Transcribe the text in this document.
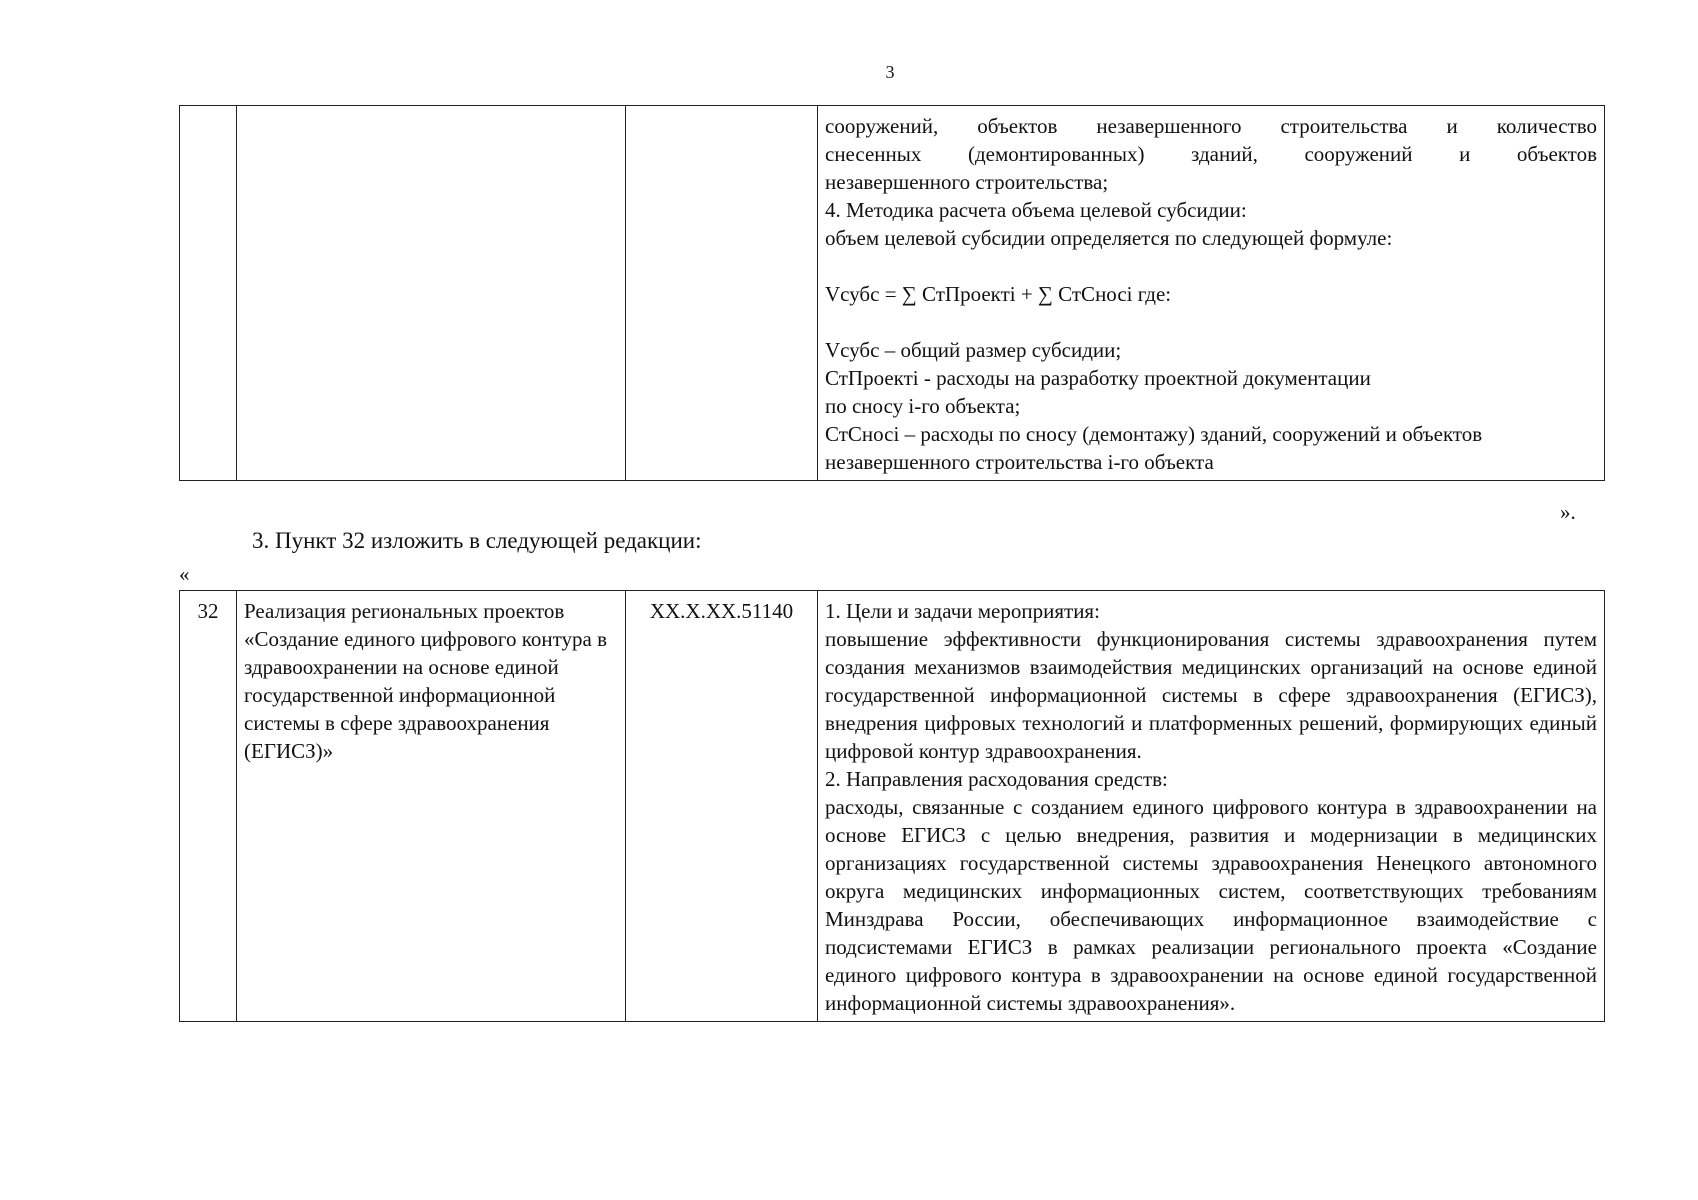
3

сооружений, объектов незавершенного строительства и количество
снесенных (демонтированных) зданий, сооружений и объектов
незавершенного строительства;
4. Методика расчета объема целевой субсидии:
объем целевой субсидии определяется по следующей формуле:
Vсубс = ∑ СтПроектi + ∑ СтСносi где:
Vсубс – общий размер субсидии;
СтПроектi - расходы на разработку проектной документации
по сносу i-го объекта;
СтСносi – расходы по сносу (демонтажу) зданий, сооружений и объектов
незавершенного строительства i-го объекта
».
3. Пункт 32 изложить в следующей редакции:
«
32	Реализация региональных проектов «Создание единого цифрового контура в здравоохранении на основе единой государственной информационной системы в сфере здравоохранения (ЕГИСЗ)»	ХХ.Х.ХХ.51140	1. Цели и задачи мероприятия:
повышение эффективности функционирования системы здравоохранения путем создания механизмов взаимодействия медицинских организаций на основе единой государственной информационной системы в сфере здравоохранения (ЕГИСЗ), внедрения цифровых технологий и платформенных решений, формирующих единый цифровой контур здравоохранения.
2. Направления расходования средств:
расходы, связанные с созданием единого цифрового контура в здравоохранении на основе ЕГИСЗ с целью внедрения, развития и модернизации в медицинских организациях государственной системы здравоохранения Ненецкого автономного округа медицинских информационных систем, соответствующих требованиям Минздрава России, обеспечивающих информационное взаимодействие с подсистемами ЕГИСЗ в рамках реализации регионального проекта «Создание единого цифрового контура в здравоохранении на основе единой государственной информационной системы здравоохранения».
